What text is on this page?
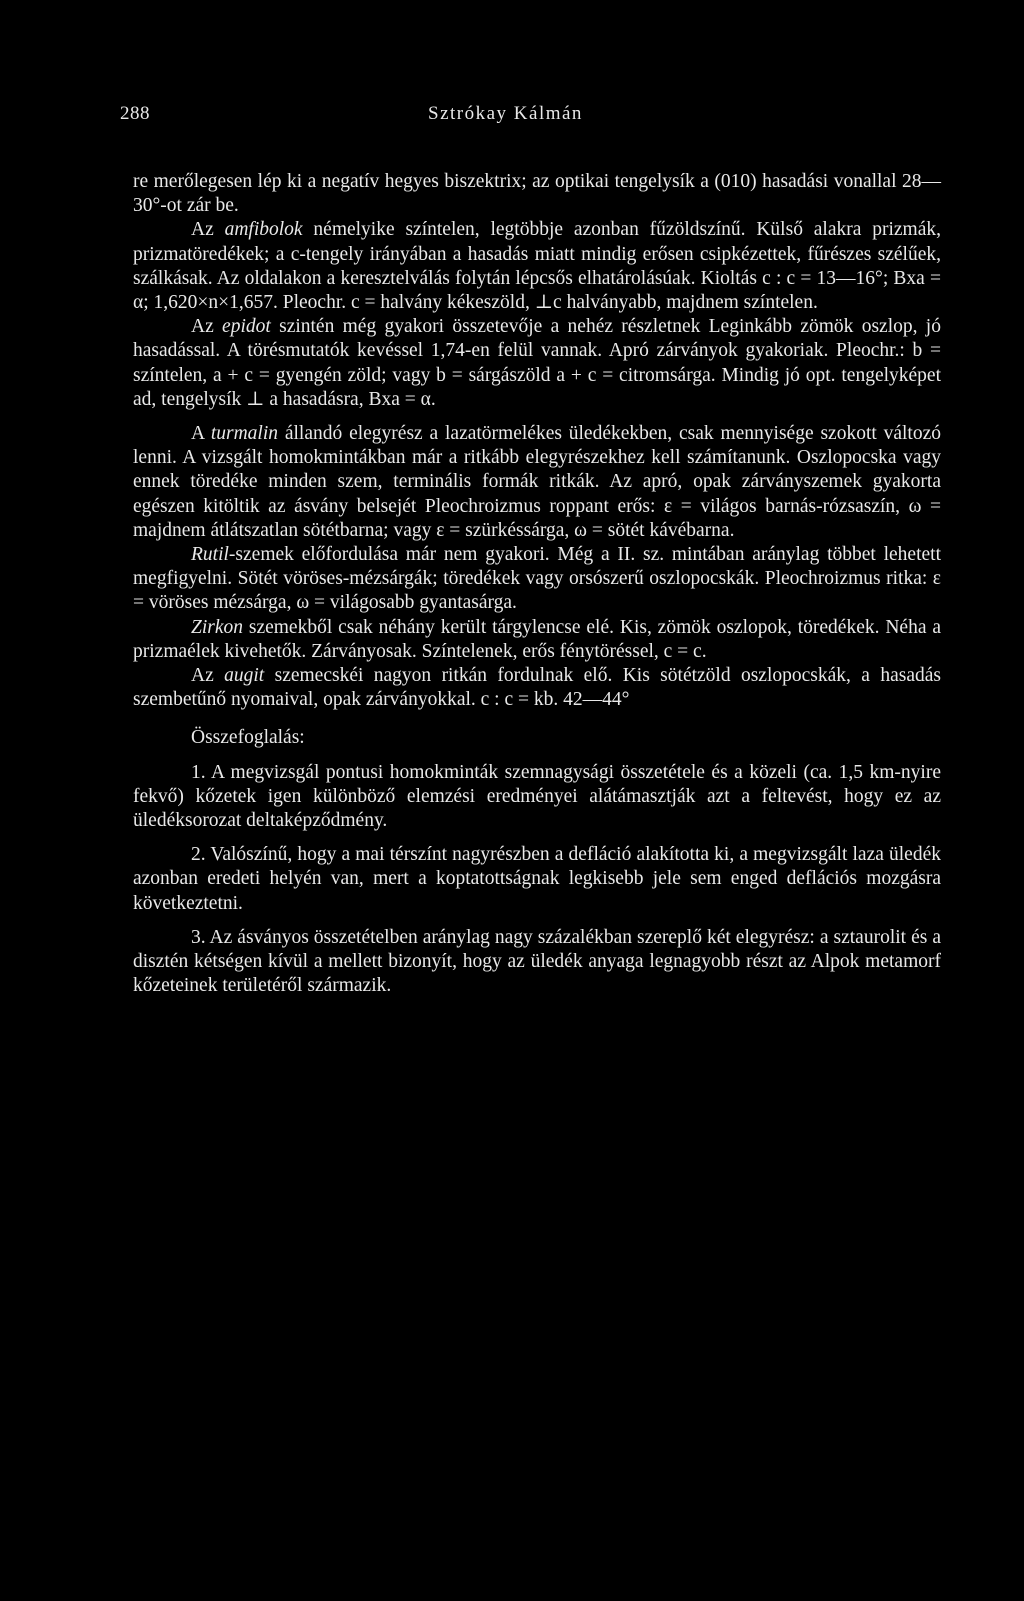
288	Sztrókay Kálmán

re merőlegesen lép ki a negatív hegyes biszektrix; az optikai tengelysík a (010) hasadási vonallal 28—30°-ot zár be.

Az amfibolok némelyike színtelen, legtöbbje azonban fűzöldszínű. Külső alakra prizmák, prizmatöredékek; a c-tengely irányában a hasadás miatt mindig erősen csipkézettek, fűrészes szélűek, szálkásak. Az oldalakon a keresztelválás folytán lépcsős elhatárolásúak. Kioltás c : c = 13—16°; Bxa = α; 1,620×n×1,657. Pleochr. c = halvány kékeszöld, ⊥c halványabb, majdnem színtelen.

Az epidot szintén még gyakori összetevője a nehéz részletnek Leginkább zömök oszlop, jó hasadással. A törésmutatók kevéssel 1,74-en felül vannak. Apró zárványok gyakoriak. Pleochr.: b = színtelen, a + c = gyengén zöld; vagy b = sárgászöld a + c = citromsárga. Mindig jó opt. tengelyképet ad, tengelysík ⊥ a hasadásra, Bxa = α.

A turmalin állandó elegyrész a lazatörmelékes üledékekben, csak mennyisége szokott változó lenni. A vizsgált homokmintákban már a ritkább elegyrészekhez kell számítanunk. Oszlopocska vagy ennek töredéke minden szem, terminális formák ritkák. Az apró, opak zárványszemek gyakorta egészen kitöltik az ásvány belsejét Pleochroizmus roppant erős: ε = világos barnás-rózsaszín, ω = majdnem átlátszatlan sötétbarna; vagy ε = szürkéssárga, ω = sötét kávébarna.

Rutil-szemek előfordulása már nem gyakori. Még a II. sz. mintában aránylag többet lehetett megfigyelni. Sötét vöröses-mézsárgák; töredékek vagy orsószerű oszlopocskák. Pleochroizmus ritka: ε = vöröses mézsárga, ω = világosabb gyantasárga.

Zirkon szemekből csak néhány került tárgylencse elé. Kis, zömök oszlopok, töredékek. Néha a prizmaélek kivehetők. Zárványosak. Színtelenek, erős fénytöréssel, c = c.

Az augit szemecskéi nagyon ritkán fordulnak elő. Kis sötétzöld oszlopocskák, a hasadás szembetűnő nyomaival, opak zárványokkal. c : c = kb. 42—44°

Összefoglalás:

1. A megvizsgál pontusi homokminták szemnagysági összetétele és a közeli (ca. 1,5 km-nyire fekvő) kőzetek igen különböző elemzési eredményei alátámasztják azt a feltevést, hogy ez az üledéksorozat deltaképződmény.

2. Valószínű, hogy a mai térszínt nagyrészben a defláció alakította ki, a megvizsgált laza üledék azonban eredeti helyén van, mert a koptatottságnak legkisebb jele sem enged deflációs mozgásra következtetni.

3. Az ásványos összetételben aránylag nagy százalékban szereplő két elegyrész: a sztaurolit és a disztén kétségen kívül a mellett bizonyít, hogy az üledék anyaga legnagyobb részt az Alpok metamorf kőzeteinek területéről származik.
